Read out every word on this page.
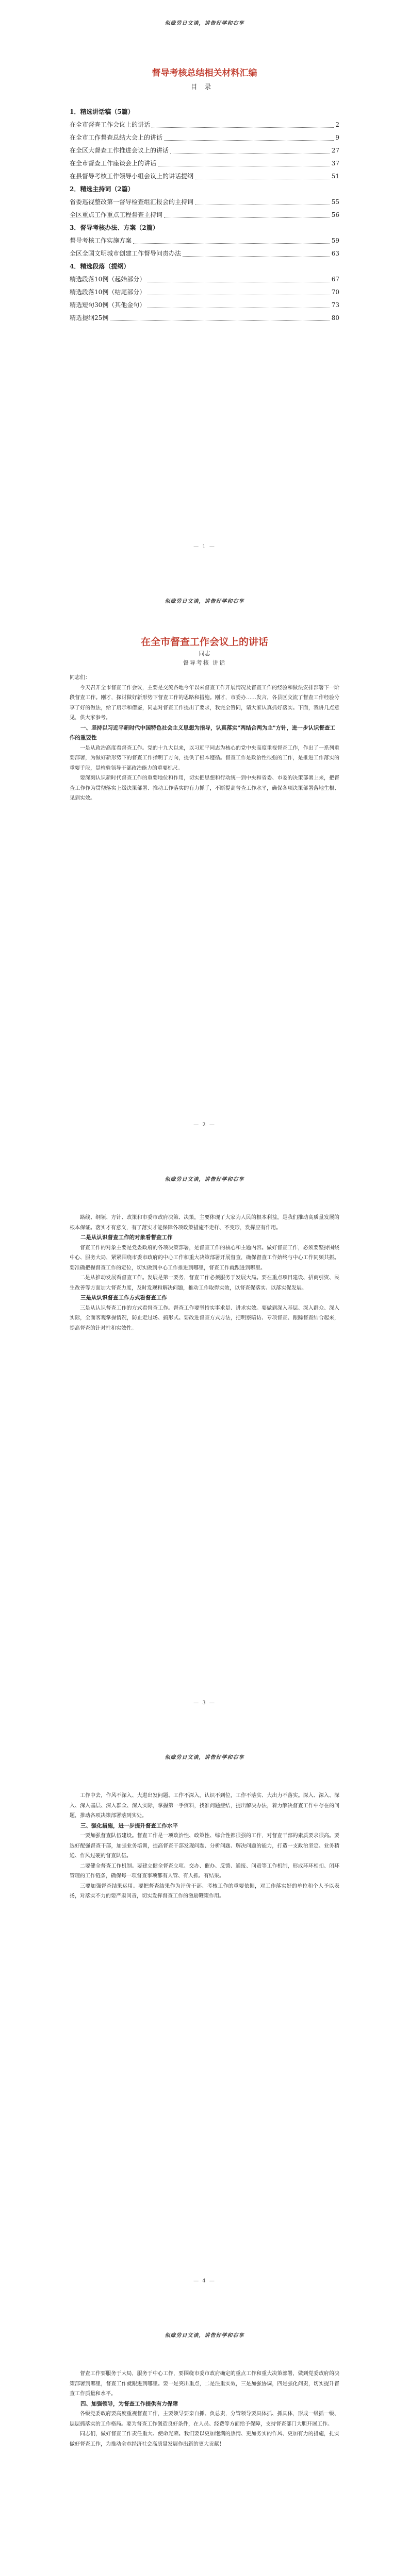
似账劳日文谈，讲告好学和右享
督导考核总结相关材料汇编
目录
1．精选讲话稿（5篇）
在全市督查工作会议上的讲话	2
在全市工作督查总结大会上的讲话	9
在全区大督查工作推进会议上的讲话	27
在全市督查工作座谈会上的讲话	37
在县督导考核工作领导小组会议上的讲话提纲	51
2．精选主持词（2篇）
省委巡视整改第一督导检查组汇报会的主持词	55
全区重点工作重点工程督查主持词	56
3．督导考核办法、方案（2篇）
督导考核工作实施方案	59
全区全国文明城市创建工作督导问责办法	63
4．精选段落（提纲）
精选段落10例（起始部分）	67
精选段落10例（结尾部分）	70
精选短句30例（其他金句）	73
精选提纲25例	80
— 1 —
似账劳日文谈，讲告好学和右享
在全市督查工作会议上的讲话
同志
督导考核 讲话

同志们：

今天召开全市督查工作会议，主要是交流各地今年以来督查工作开展情况及督查工作的经验和做法安排部署下一阶段督查工作。刚才，探讨做好新形势下督查工作的思路和措施。刚才，市委办……发言，各县区交流了督查工作经验分享了好的做法，给了启示和借鉴，同志对督查工作提出了要求，我完全赞同，请大家认真抓好落实。下面，我讲几点意见，供大家参考。

一、坚持以习近平新时代中国特色社会主义思想为指导，认真落实"两结合两为主"方针，进一步认识督查工作的重要性

一是从政治高度看督查工作。党的十九大以来，以习近平同志为核心的党中央高度重视督查工作，作出了一系列重要部署，为做好新形势下的督查工作指明了方向，提供了根本遵循。督查工作是政治性很强的工作，是推进工作落实的重要手段，是检验领导干部政治能力的重要标尺。

要深刻认识新时代督查工作的重要地位和作用，切实把思想和行动统一到中央和省委、市委的决策部署上来，把督查工作作为贯彻落实上级决策部署、推动工作落实的有力抓手，不断提高督查工作水平，确保各项决策部署落地生根、见到实效。

— 2 —
似账劳日文谈，讲告好学和右享

路线、纲领、方针、政策和市委市政府决策、决策，主要体现了大家为人民的根本利益，是我们推动高质量发展的根本保证。落实才有意义，有了落实才能保障各项政策措施不走样、不变形，发挥应有作用。

二是从认识督查工作的对象看督查工作

督查工作的对象主要是党委政府的各项决策部署，是督查工作的核心和主题内容。做好督查工作，必须要坚持围绕中心、服务大局，紧紧围绕市委市政府的中心工作和重大决策部署开展督查，确保督查工作始终与中心工作同频共振。要准确把握督查工作的定位，切实做到中心工作推进到哪里，督查工作就跟进到哪里。

二是从推动发展看督查工作。发展是第一要务，督查工作必须服务于发展大局。要在重点项目建设、招商引资、民生改善等方面加大督查力度，及时发现和解决问题，推动工作取得实效，以督查促落实、以落实促发展。

三是从认识督查工作方式看督查工作

三是从认识督查工作的方式看督查工作。督查工作要坚持实事求是、讲求实效。要做到深入基层、深入群众、深入实际，全面客观掌握情况，防止走过场、搞形式。要改进督查方式方法，把明察暗访、专项督查、跟踪督查结合起来，提高督查的针对性和实效性。

— 3 —
似账劳日文谈，讲告好学和右享

工作中去，作风不深入、大进出发问题、工作不深入，认识不到位，工作不落实、大出力不落实。深入、深入、深入、深入基层、深入群众、深入实际，掌握第一手资料，找准问题症结，提出解决办法，着力解决督查工作中存在的问题，推动各项决策部署落到实处。

三、强化措施，进一步提升督查工作水平

一要加强督查队伍建设。督查工作是一项政治性、政策性、综合性都很强的工作，对督查干部的素质要求很高。要选好配强督查干部，加强业务培训，提高督查干部发现问题、分析问题、解决问题的能力，打造一支政治坚定、业务精通、作风过硬的督查队伍。

二要健全督查工作机制。要建立健全督查立项、交办、催办、反馈、通报、问责等工作机制，形成环环相扣、闭环管理的工作链条，确保每一项督查事项都有人管、有人抓、有结果。

三要加强督查结果运用。要把督查结果作为评价干部、考核工作的重要依据，对工作落实好的单位和个人予以表扬，对落实不力的要严肃问责，切实发挥督查工作的激励鞭策作用。

— 4 —
似账劳日文谈，讲告好学和右享

督查工作要服务于大局，服务于中心工作，要围绕市委市政府确定的重点工作和重大决策部署，做到党委政府的决策部署到哪里，督查工作就跟进到哪里。要一是突出重点，二是注重实效，三是加强协调，四是强化问责，切实提升督查工作质量和水平。

四、加强领导，为督查工作提供有力保障

各级党委政府要高度重视督查工作，主要领导要亲自抓、负总责，分管领导要具体抓、抓具体，形成一级抓一级、层层抓落实的工作格局。要为督查工作创造良好条件，在人员、经费等方面给予保障，支持督查部门大胆开展工作。

同志们，做好督查工作责任重大、使命光荣。我们要以更加饱满的热情、更加务实的作风、更加有力的措施，扎实做好督查工作，为推动全市经济社会高质量发展作出新的更大贡献！
